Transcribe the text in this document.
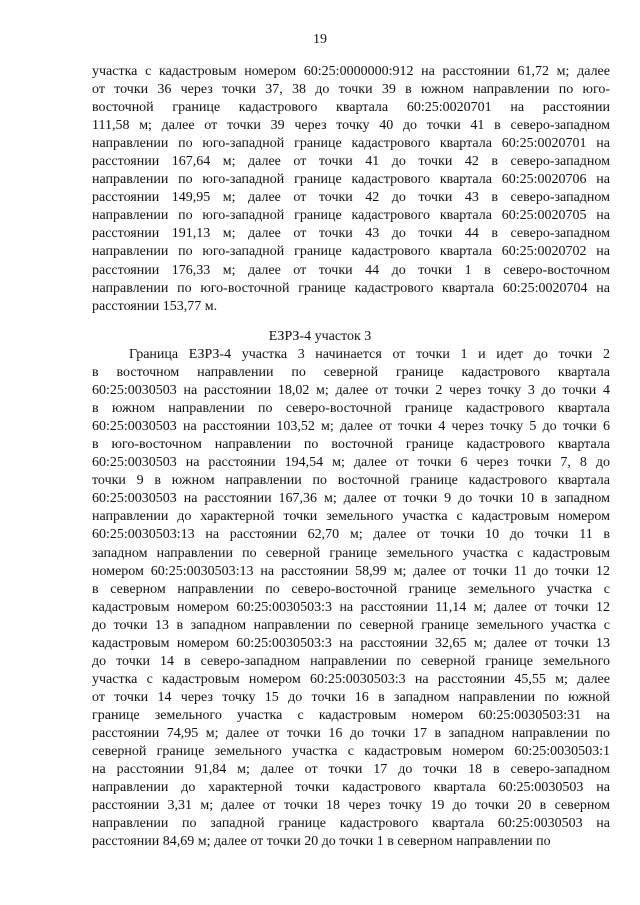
19
участка с кадастровым номером 60:25:0000000:912 на расстоянии 61,72 м; далее
от точки 36 через точки 37, 38 до точки 39 в южном направлении по юго-
восточной границе кадастрового квартала 60:25:0020701 на расстоянии
111,58 м; далее от точки 39 через точку 40 до точки 41 в северо-западном
направлении по юго-западной границе кадастрового квартала 60:25:0020701 на
расстоянии 167,64 м; далее от точки 41 до точки 42 в северо-западном
направлении по юго-западной границе кадастрового квартала 60:25:0020706 на
расстоянии 149,95 м; далее от точки 42 до точки 43 в северо-западном
направлении по юго-западной границе кадастрового квартала 60:25:0020705 на
расстоянии 191,13 м; далее от точки 43 до точки 44 в северо-западном
направлении по юго-западной границе кадастрового квартала 60:25:0020702 на
расстоянии 176,33 м; далее от точки 44 до точки 1 в северо-восточном
направлении по юго-восточной границе кадастрового квартала 60:25:0020704 на
расстоянии 153,77 м.
ЕЗРЗ-4 участок 3
Граница ЕЗРЗ-4 участка 3 начинается от точки 1 и идет до точки 2
в восточном направлении по северной границе кадастрового квартала
60:25:0030503 на расстоянии 18,02 м; далее от точки 2 через точку 3 до точки 4
в южном направлении по северо-восточной границе кадастрового квартала
60:25:0030503 на расстоянии 103,52 м; далее от точки 4 через точку 5 до точки 6
в юго-восточном направлении по восточной границе кадастрового квартала
60:25:0030503 на расстоянии 194,54 м; далее от точки 6 через точки 7, 8 до
точки 9 в южном направлении по восточной границе кадастрового квартала
60:25:0030503 на расстоянии 167,36 м; далее от точки 9 до точки 10 в западном
направлении до характерной точки земельного участка с кадастровым номером
60:25:0030503:13 на расстоянии 62,70 м; далее от точки 10 до точки 11 в
западном направлении по северной границе земельного участка с кадастровым
номером 60:25:0030503:13 на расстоянии 58,99 м; далее от точки 11 до точки 12
в северном направлении по северо-восточной границе земельного участка с
кадастровым номером 60:25:0030503:3 на расстоянии 11,14 м; далее от точки 12
до точки 13 в западном направлении по северной границе земельного участка с
кадастровым номером 60:25:0030503:3 на расстоянии 32,65 м; далее от точки 13
до точки 14 в северо-западном направлении по северной границе земельного
участка с кадастровым номером 60:25:0030503:3 на расстоянии 45,55 м; далее
от точки 14 через точку 15 до точки 16 в западном направлении по южной
границе земельного участка с кадастровым номером 60:25:0030503:31 на
расстоянии 74,95 м; далее от точки 16 до точки 17 в западном направлении по
северной границе земельного участка с кадастровым номером 60:25:0030503:1
на расстоянии 91,84 м; далее от точки 17 до точки 18 в северо-западном
направлении до характерной точки кадастрового квартала 60:25:0030503 на
расстоянии 3,31 м; далее от точки 18 через точку 19 до точки 20 в северном
направлении по западной границе кадастрового квартала 60:25:0030503 на
расстоянии 84,69 м; далее от точки 20 до точки 1 в северном направлении по
